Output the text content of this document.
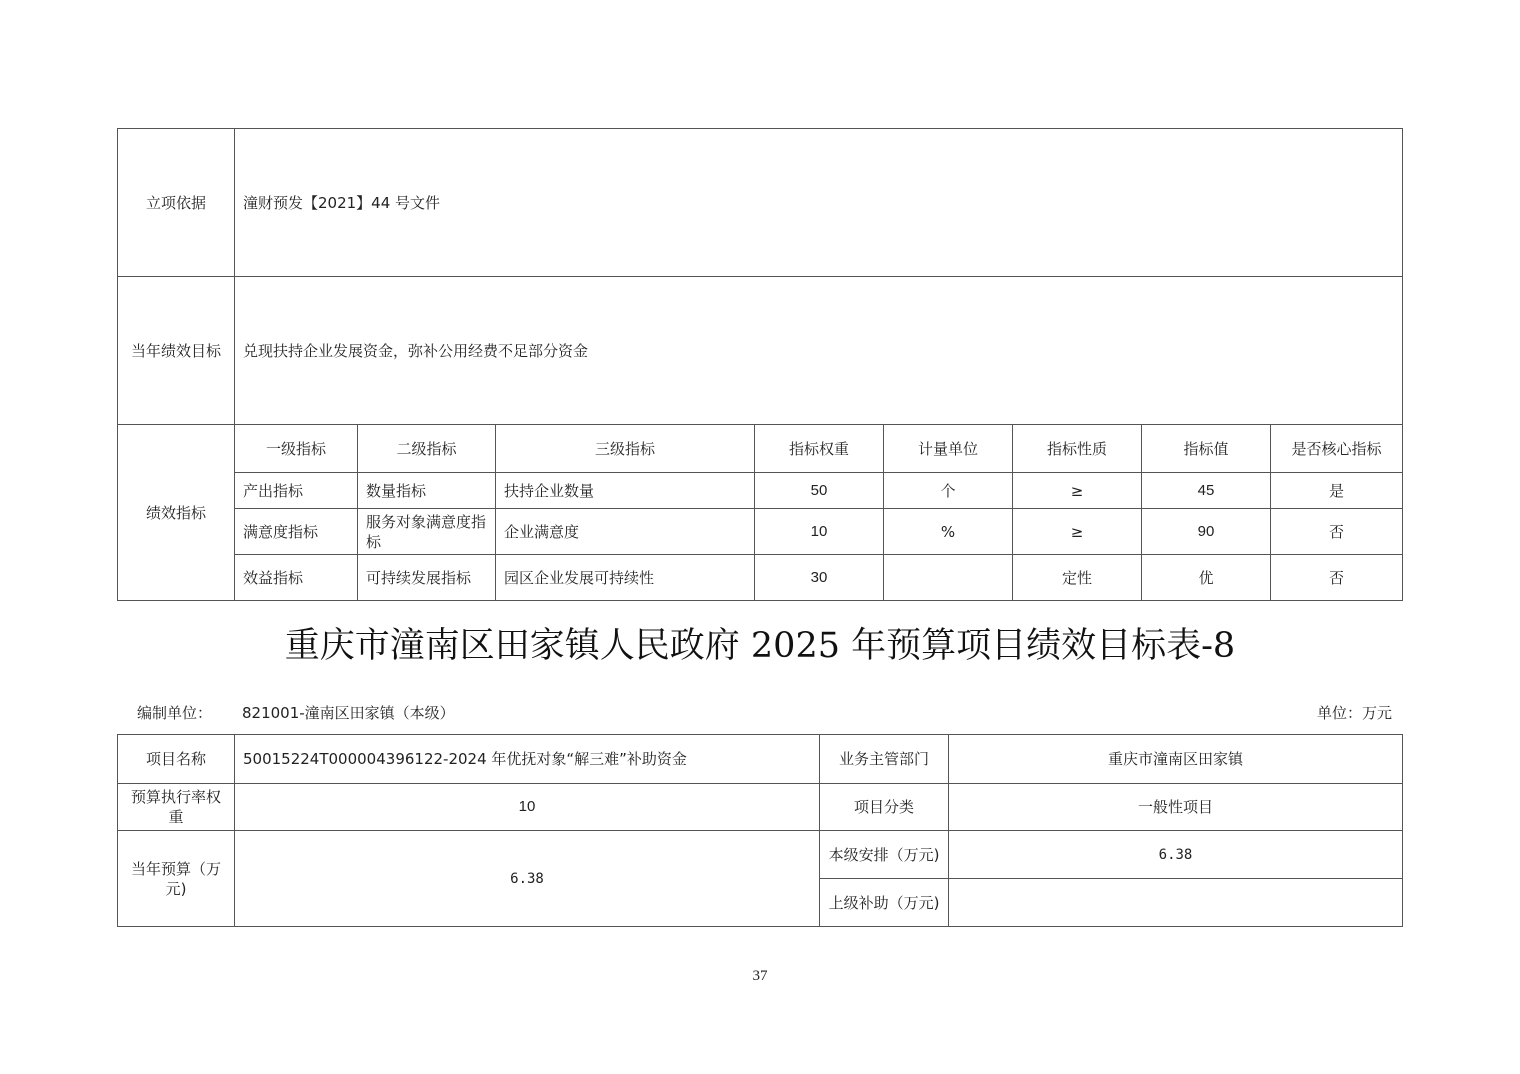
立项依据	潼财预发【2021】44 号文件							
当年绩效目标	兑现扶持企业发展资金，弥补公用经费不足部分资金							
绩效指标	一级指标	二级指标	三级指标	指标权重	计量单位	指标性质	指标值	是否核心指标
	产出指标	数量指标	扶持企业数量	50	个	≥	45	是
	满意度指标	服务对象满意度指标	企业满意度	10	%	≥	90	否
	效益指标	可持续发展指标	园区企业发展可持续性	30		定性	优	否
重庆市潼南区田家镇人民政府 2025 年预算项目绩效目标表-8
编制单位： 821001-潼南区田家镇（本级）	单位：万元
项目名称	50015224T000004396122-2024 年优抚对象“解三难”补助资金	业务主管部门	重庆市潼南区田家镇
预算执行率权重	10	项目分类	一般性项目
当年预算（万元)	6.38	本级安排（万元)	6.38
		上级补助（万元)	
37
